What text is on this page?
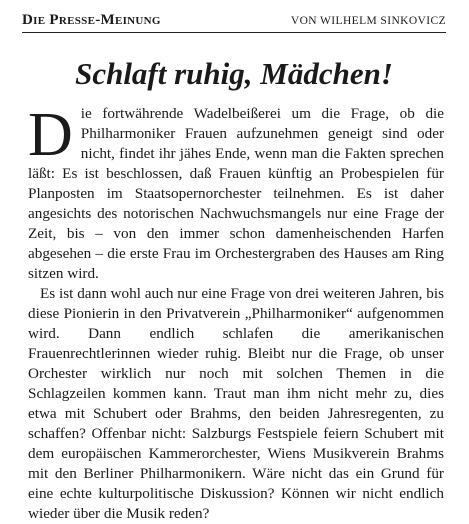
Die Presse-Meinung	VON WILHELM SINKOVICZ
Schlaft ruhig, Mädchen!

Die fortwährende Wadelbeißerei um die Frage, ob die Philharmoniker Frauen aufzunehmen geneigt sind oder nicht, findet ihr jähes Ende, wenn man die Fakten sprechen läßt: Es ist beschlossen, daß Frauen künftig an Probespielen für Planposten im Staatsopernorchester teilnehmen. Es ist daher angesichts des notorischen Nachwuchsmangels nur eine Frage der Zeit, bis – von den immer schon damenheischenden Harfen abgesehen – die erste Frau im Orchestergraben des Hauses am Ring sitzen wird.

Es ist dann wohl auch nur eine Frage von drei weiteren Jahren, bis diese Pionierin in den Privatverein „Philharmoniker“ aufgenommen wird. Dann endlich schlafen die amerikanischen Frauenrechtlerinnen wieder ruhig. Bleibt nur die Frage, ob unser Orchester wirklich nur noch mit solchen Themen in die Schlagzeilen kommen kann. Traut man ihm nicht mehr zu, dies etwa mit Schubert oder Brahms, den beiden Jahresregenten, zu schaffen? Offenbar nicht: Salzburgs Festspiele feiern Schubert mit dem europäischen Kammerorchester, Wiens Musikverein Brahms mit den Berliner Philharmonikern. Wäre nicht das ein Grund für eine echte kulturpolitische Diskussion? Können wir nicht endlich wieder über die Musik reden?
